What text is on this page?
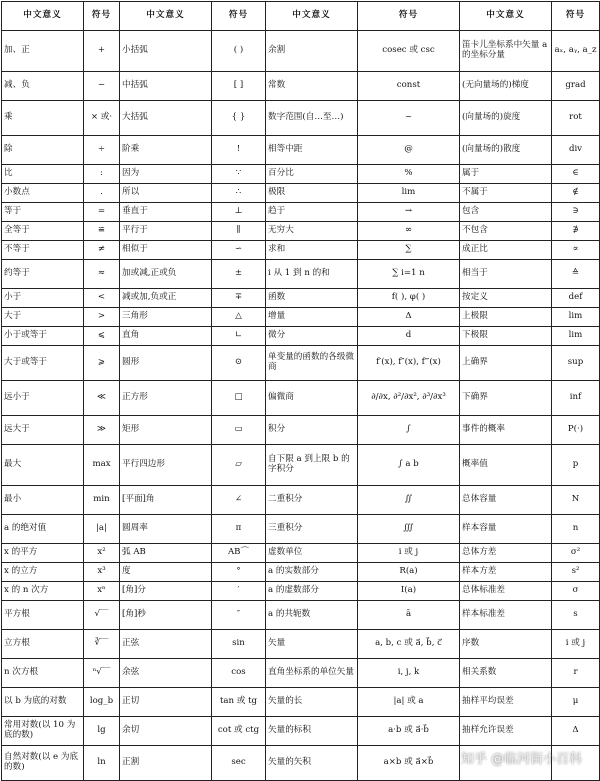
中文意义	符号	中文意义	符号	中文意义	符号	中文意义	符号
加、正	+	小括弧	( )	余割	cosec 或 csc	笛卡儿坐标系中矢量 a 的坐标分量	aₓ, aᵧ, a_z
减、负	−	中括弧	[ ]	常数	const	(无向量场的)梯度	grad
乘	× 或·	大括弧	{ }	数字范围(自…至…)	~	(向量场的)旋度	rot
除	÷	阶乘	!	相等中距	@	(向量场的)散度	div
比	:	因为	∵	百分比	%	属于	∈
小数点	.	所以	∴	极限	lim	不属于	∉
等于	=	垂直于	⊥	趋于	→	包含	∋
全等于	≌	平行于	∥	无穷大	∞	不包含	∌
不等于	≠	相似于	∽	求和	∑	成正比	∝
约等于	≈	加或减,正或负	±	i 从 1 到 n 的和	∑ i=1 n	相当于	≙
小于	<	减或加,负或正	∓	函数	f( ), φ( )	按定义	def
大于	>	三角形	△	增量	Δ	上极限	lim
小于或等于	⩽	直角	∟	微分	d	下极限	lim
大于或等于	⩾	圆形	⊙	单变量的函数的各级微商	f′(x), f″(x), f‴(x)	上确界	sup
远小于	≪	正方形	□	偏微商	∂/∂x, ∂²/∂x², ∂³/∂x³	下确界	inf
远大于	≫	矩形	▭	积分	∫	事件的概率	P(·)
最大	max	平行四边形	▱	自下限 a 到上限 b 的字积分	∫ a b	概率值	p
最小	min	[平面]角	∠	二重积分	∬	总体容量	N
a 的绝对值	|a|	圆周率	π	三重积分	∭	样本容量	n
x 的平方	x²	弧 AB	AB⌒	虚数单位	i 或 j	总体方差	σ²
x 的立方	x³	度	°	a 的实数部分	R(a)	样本方差	s²
x 的 n 次方	xⁿ	[角]分	′	a 的虚数部分	I(a)	总体标准差	σ
平方根	√‾‾	[角]秒	″	a 的共轭数	ā	样本标准差	s
立方根	∛‾‾	正弦	sin	矢量	a, b, c 或 a⃗, b⃗, c⃗	序数	i 或 j
n 次方根	ⁿ√‾‾	余弦	cos	直角坐标系的单位矢量	i, j, k	相关系数	r
以 b 为底的对数	log_b	正切	tan 或 tg	矢量的长	|a| 或 a	抽样平均误差	μ
常用对数(以 10 为底的数)	lg	余切	cot 或 ctg	矢量的标积	a·b 或 a⃗·b⃗	抽样允许误差	Δ
自然对数(以 e 为底的数)	ln	正割	sec	矢量的矢积	a×b 或 a⃗×b⃗		知乎 @临河街小百科
